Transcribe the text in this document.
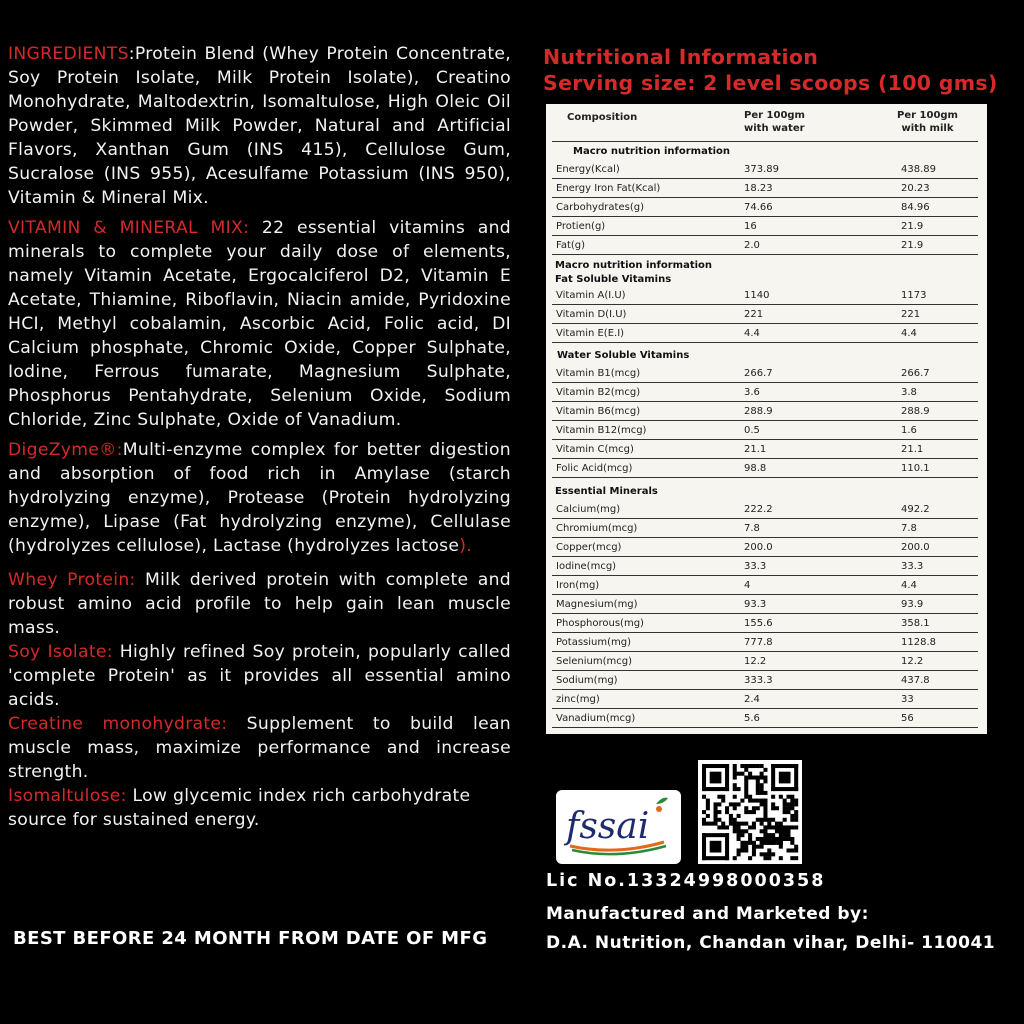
INGREDIENTS:Protein Blend (Whey Protein Concentrate, Soy Protein Isolate, Milk Protein Isolate), Creatino Monohydrate, Maltodextrin, Isomaltulose, High Oleic Oil Powder, Skimmed Milk Powder, Natural and Artificial Flavors, Xanthan Gum (INS 415), Cellulose Gum, Sucralose (INS 955), Acesulfame Potassium (INS 950), Vitamin & Mineral Mix.

VITAMIN & MINERAL MIX: 22 essential vitamins and minerals to complete your daily dose of elements, namely Vitamin Acetate, Ergocalciferol D2, Vitamin E Acetate, Thiamine, Riboflavin, Niacin amide, Pyridoxine HCI, Methyl cobalamin, Ascorbic Acid, Folic acid, DI Calcium phosphate, Chromic Oxide, Copper Sulphate, Iodine, Ferrous fumarate, Magnesium Sulphate, Phosphorus Pentahydrate, Selenium Oxide, Sodium Chloride, Zinc Sulphate, Oxide of Vanadium.

DigeZyme®:Multi-enzyme complex for better digestion and absorption of food rich in Amylase (starch hydrolyzing enzyme), Protease (Protein hydrolyzing enzyme), Lipase (Fat hydrolyzing enzyme), Cellulase (hydrolyzes cellulose), Lactase (hydrolyzes lactose).

Whey Protein: Milk derived protein with complete and robust amino acid profile to help gain lean muscle mass.

Soy Isolate: Highly refined Soy protein, popularly called 'complete Protein' as it provides all essential amino acids.

Creatine monohydrate: Supplement to build lean muscle mass, maximize performance and increase strength.

Isomaltulose: Low glycemic index rich carbohydrate source for sustained energy.

BEST BEFORE 24 MONTH FROM DATE OF MFG
Nutritional Information
Serving size: 2 level scoops (100 gms)
Composition	Per 100gm
with water
Per 100gm
with milk
Macro nutrition information
Energy(Kcal)	373.89	438.89
Energy Iron Fat(Kcal)	18.23	20.23
Carbohydrates(g)	74.66	84.96
Protien(g)	16	21.9
Fat(g)	2.0	21.9
Macro nutrition information
Fat Soluble Vitamins
Vitamin A(I.U)	1140	1173
Vitamin D(I.U)	221	221
Vitamin E(E.I)	4.4	4.4
Water Soluble Vitamins
Vitamin B1(mcg)	266.7	266.7
Vitamin B2(mcg)	3.6	3.8
Vitamin B6(mcg)	288.9	288.9
Vitamin B12(mcg)	0.5	1.6
Vitamin C(mcg)	21.1	21.1
Folic Acid(mcg)	98.8	110.1
Essential Minerals
Calcium(mg)	222.2	492.2
Chromium(mcg)	7.8	7.8
Copper(mcg)	200.0	200.0
Iodine(mcg)	33.3	33.3
Iron(mg)	4	4.4
Magnesium(mg)	93.3	93.9
Phosphorous(mg)	155.6	358.1
Potassium(mg)	777.8	1128.8
Selenium(mcg)	12.2	12.2
Sodium(mg)	333.3	437.8
zinc(mg)	2.4	33
Vanadium(mcg)	5.6	56
fssai
Lic No.13324998000358
Manufactured and Marketed by:
D.A. Nutrition, Chandan vihar, Delhi- 110041
